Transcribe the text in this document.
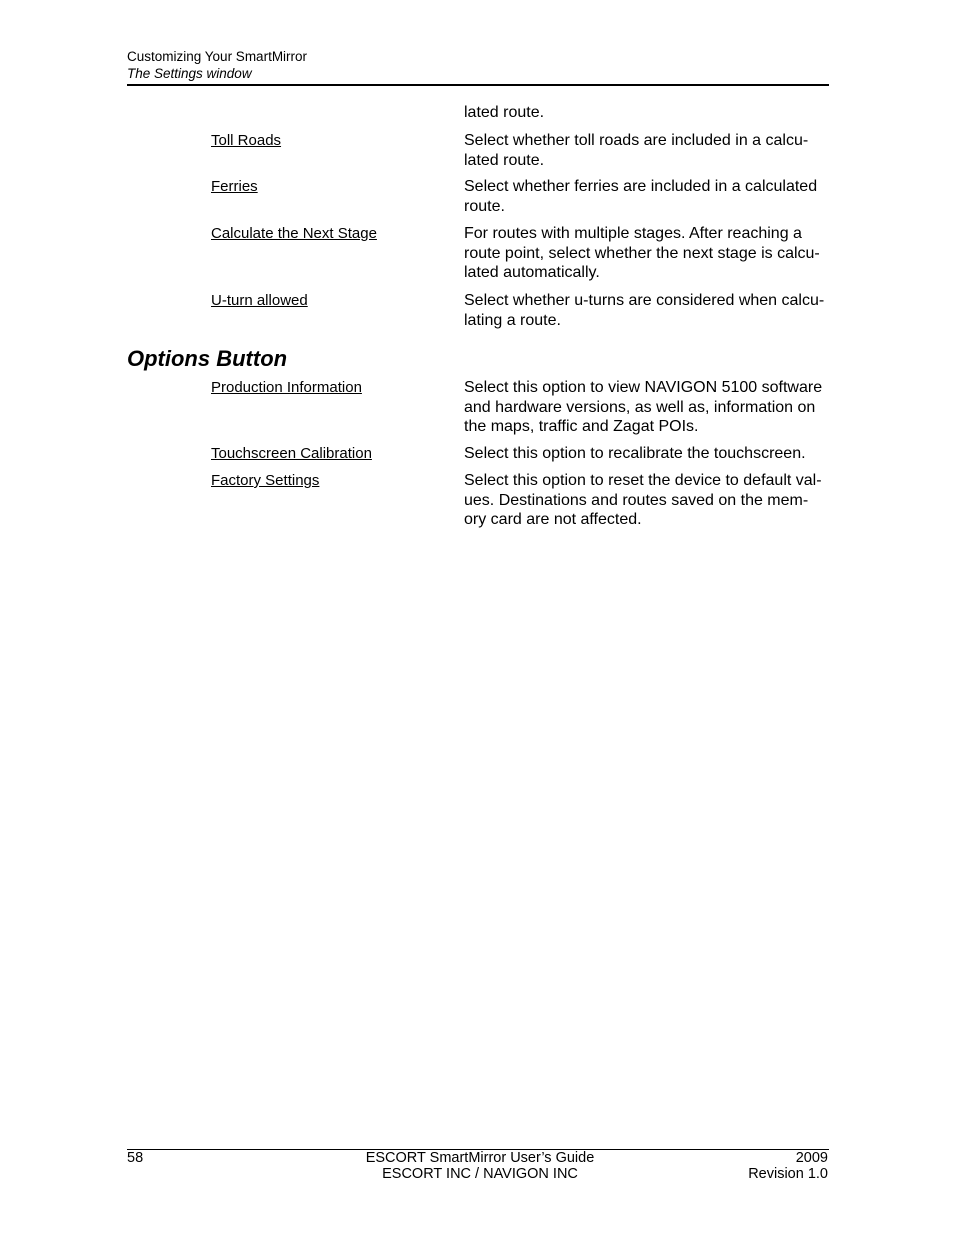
Customizing Your SmartMirror
The Settings window
lated route.
Toll Roads	Select whether toll roads are included in a calcu-
lated route.
Ferries	Select whether ferries are included in a calculated
route.
Calculate the Next Stage	For routes with multiple stages. After reaching a
route point, select whether the next stage is calcu-
lated automatically.
U-turn allowed	Select whether u-turns are considered when calcu-
lating a route.
Options Button
Production Information	Select this option to view NAVIGON 5100 software
and hardware versions, as well as, information on
the maps, traffic and Zagat POIs.
Touchscreen Calibration	Select this option to recalibrate the touchscreen.
Factory Settings	Select this option to reset the device to default val-
ues. Destinations and routes saved on the mem-
ory card are not affected.
58	ESCORT SmartMirror User’s Guide
ESCORT INC / NAVIGON INC
2009
Revision 1.0
